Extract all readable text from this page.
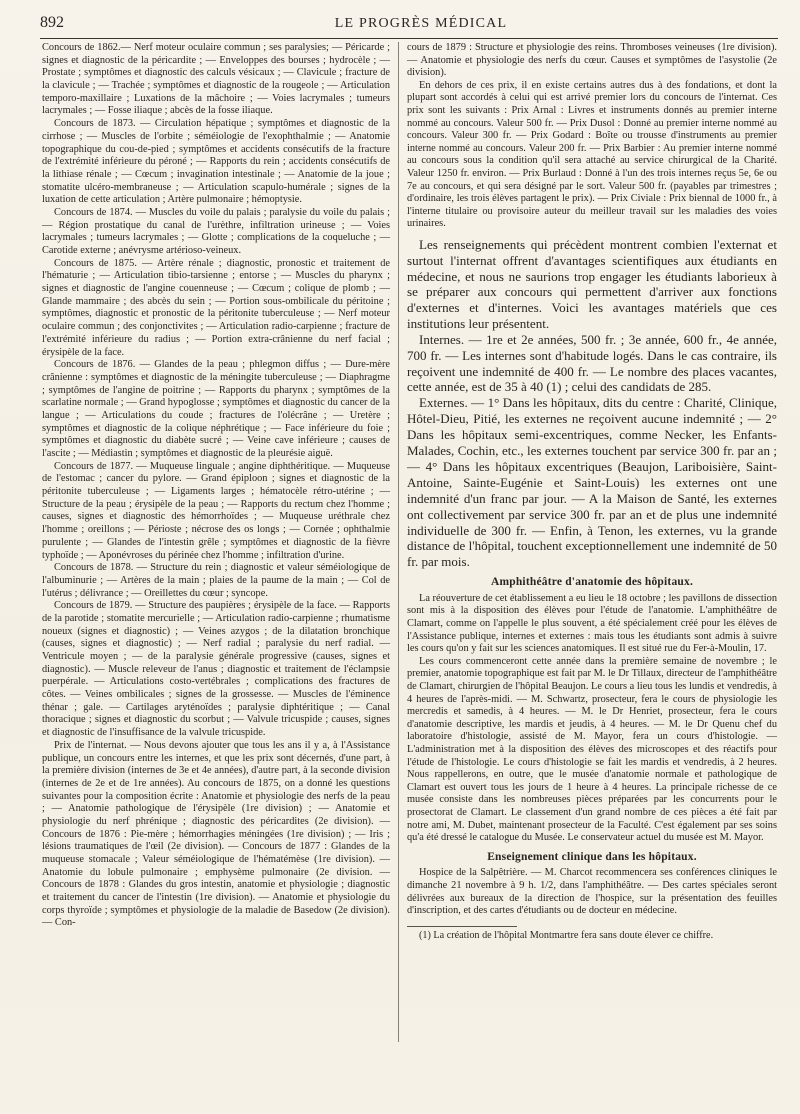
892	LE PROGRÈS MÉDICAL

Concours de 1862.— Nerf moteur oculaire commun ; ses paralysies; — Péricarde ; signes et diagnostic de la péricardite ; — Enveloppes des bourses ; hydrocèle ; — Prostate ; symptômes et diagnostic des calculs vésicaux ; — Clavicule ; fracture de la clavicule ; — Trachée ; symptômes et diagnostic de la rougeole ; — Articulation temporo-maxillaire ; Luxations de la mâchoire ; — Voies lacrymales ; tumeurs lacrymales ; — Fosse iliaque ; abcès de la fosse iliaque.

Concours de 1873. — Circulation hépatique ; symptômes et diagnostic de la cirrhose ; — Muscles de l'orbite ; séméiologie de l'exophthalmie ; — Anatomie topographique du cou-de-pied ; symptômes et accidents consécutifs de la fracture de l'extrémité inférieure du péroné ; — Rapports du rein ; accidents consécutifs de la lithiase rénale ; — Cœcum ; invagination intestinale ; — Anatomie de la joue ; stomatite ulcéro-membraneuse ; — Articulation scapulo-humérale ; signes de la luxation de cette articulation ; Artère pulmonaire ; hémoptysie.

Concours de 1874. — Muscles du voile du palais ; paralysie du voile du palais ; — Région prostatique du canal de l'urèthre, infiltration urineuse ; — Voies lacrymales ; tumeurs lacrymales ; — Glotte ; complications de la coqueluche ; — Carotide externe ; anévrysme artérioso-veineux.

Concours de 1875. — Artère rénale ; diagnostic, pronostic et traitement de l'hématurie ; — Articulation tibio-tarsienne ; entorse ; — Muscles du pharynx ; signes et diagnostic de l'angine couenneuse ; — Cœcum ; colique de plomb ; — Glande mammaire ; des abcès du sein ; — Portion sous-ombilicale du péritoine ; symptômes, diagnostic et pronostic de la péritonite tuberculeuse ; — Nerf moteur oculaire commun ; des conjonctivites ; — Articulation radio-carpienne ; fracture de l'extrémité inférieure du radius ; — Portion extra-crânienne du nerf facial ; érysipèle de la face.

Concours de 1876. — Glandes de la peau ; phlegmon diffus ; — Dure-mère crânienne : symptômes et diagnostic de la méningite tuberculeuse ; — Diaphragme ; symptômes de l'angine de poitrine ; — Rapports du pharynx ; symptômes de la scarlatine normale ; — Grand hypoglosse ; symptômes et diagnostic du cancer de la langue ; — Articulations du coude ; fractures de l'olécrâne ; — Uretère ; symptômes et diagnostic de la colique néphrétique ; — Face inférieure du foie ; symptômes et diagnostic du diabète sucré ; — Veine cave inférieure ; causes de l'ascite ; — Médiastin ; symptômes et diagnostic de la pleurésie aiguë.

Concours de 1877. — Muqueuse linguale ; angine diphthéritique. — Muqueuse de l'estomac ; cancer du pylore. — Grand épiploon ; signes et diagnostic de la péritonite tuberculeuse ; — Ligaments larges ; hématocèle rétro-utérine ; — Structure de la peau ; érysipèle de la peau ; — Rapports du rectum chez l'homme ; causes, signes et diagnostic des hémorrhoïdes ; — Muqueuse uréthrale chez l'homme ; oreillons ; — Périoste ; nécrose des os longs ; — Cornée ; ophthalmie purulente ; — Glandes de l'intestin grêle ; symptômes et diagnostic de la fièvre typhoïde ; — Aponévroses du périnée chez l'homme ; infiltration d'urine.

Concours de 1878. — Structure du rein ; diagnostic et valeur séméiologique de l'albuminurie ; — Artères de la main ; plaies de la paume de la main ; — Col de l'utérus ; délivrance ; — Oreillettes du cœur ; syncope.

Concours de 1879. — Structure des paupières ; érysipèle de la face. — Rapports de la parotide ; stomatite mercurielle ; — Articulation radio-carpienne ; rhumatisme noueux (signes et diagnostic) ; — Veines azygos ; de la dilatation bronchique (causes, signes et diagnostic) ; — Nerf radial ; paralysie du nerf radial. — Ventricule moyen ; — de la paralysie générale progressive (causes, signes et diagnostic). — Muscle releveur de l'anus ; diagnostic et traitement de l'éclampsie puerpérale. — Articulations costo-vertébrales ; complications des fractures de côtes. — Veines ombilicales ; signes de la grossesse. — Muscles de l'éminence thénar ; gale. — Cartilages aryténoïdes ; paralysie diphtéritique ; — Canal thoracique ; signes et diagnostic du scorbut ; — Valvule tricuspide ; causes, signes et diagnostic de l'insuffisance de la valvule tricuspide.

Prix de l'internat. — Nous devons ajouter que tous les ans il y a, à l'Assistance publique, un concours entre les internes, et que les prix sont décernés, d'une part, à la première division (internes de 3e et 4e années), d'autre part, à la seconde division (internes de 2e et de 1re années). Au concours de 1875, on a donné les questions suivantes pour la composition écrite : Anatomie et physiologie des nerfs de la peau ; — Anatomie pathologique de l'érysipèle (1re division) ; — Anatomie et physiologie du nerf phrénique ; diagnostic des péricardites (2e division). — Concours de 1876 : Pie-mère ; hémorrhagies méningées (1re division) ; — Iris ; lésions traumatiques de l'œil (2e division). — Concours de 1877 : Glandes de la muqueuse stomacale ; Valeur séméiologique de l'hématémèse (1re division). — Anatomie du lobule pulmonaire ; emphysème pulmonaire (2e division. — Concours de 1878 : Glandes du gros intestin, anatomie et physiologie ; diagnostic et traitement du cancer de l'intestin (1re division). — Anatomie et physiologie du corps thyroïde ; symptômes et physiologie de la maladie de Basedow (2e division). — Con-

cours de 1879 : Structure et physiologie des reins. Thromboses veineuses (1re division). — Anatomie et physiologie des nerfs du cœur. Causes et symptômes de l'asystolie (2e division).

En dehors de ces prix, il en existe certains autres dus à des fondations, et dont la plupart sont accordés à celui qui est arrivé premier lors du concours de l'internat. Ces prix sont les suivants : Prix Arnal : Livres et instruments donnés au premier interne nommé au concours. Valeur 500 fr. — Prix Dusol : Donné au premier interne nommé au concours. Valeur 300 fr. — Prix Godard : Boîte ou trousse d'instruments au premier interne nommé au concours. Valeur 200 fr. — Prix Barbier : Au premier interne nommé au concours sous la condition qu'il sera attaché au service chirurgical de la Charité. Valeur 1250 fr. environ. — Prix Burlaud : Donné à l'un des trois internes reçus 5e, 6e ou 7e au concours, et qui sera désigné par le sort. Valeur 500 fr. (payables par trimestres ; d'ordinaire, les trois élèves partagent le prix). — Prix Civiale : Prix biennal de 1000 fr., à l'interne titulaire ou provisoire auteur du meilleur travail sur les maladies des voies urinaires.

Les renseignements qui précèdent montrent combien l'externat et surtout l'internat offrent d'avantages scientifiques aux étudiants en médecine, et nous ne saurions trop engager les étudiants laborieux à se préparer aux concours qui permettent d'arriver aux fonctions d'externes et d'internes. Voici les avantages matériels que ces institutions leur présentent.

Internes. — 1re et 2e années, 500 fr. ; 3e année, 600 fr., 4e année, 700 fr. — Les internes sont d'habitude logés. Dans le cas contraire, ils reçoivent une indemnité de 400 fr. — Le nombre des places vacantes, cette année, est de 35 à 40 (1) ; celui des candidats de 285.

Externes. — 1° Dans les hôpitaux, dits du centre : Charité, Clinique, Hôtel-Dieu, Pitié, les externes ne reçoivent aucune indemnité ; — 2° Dans les hôpitaux semi-excentriques, comme Necker, les Enfants-Malades, Cochin, etc., les externes touchent par service 300 fr. par an ; — 4° Dans les hôpitaux excentriques (Beaujon, Lariboisière, Saint-Antoine, Sainte-Eugénie et Saint-Louis) les externes ont une indemnité d'un franc par jour. — A la Maison de Santé, les externes ont collectivement par service 300 fr. par an et de plus une indemnité individuelle de 300 fr. — Enfin, à Tenon, les externes, vu la grande distance de l'hôpital, touchent exceptionnellement une indemnité de 50 fr. par mois.

Amphithéâtre d'anatomie des hôpitaux.

La réouverture de cet établissement a eu lieu le 18 octobre ; les pavillons de dissection sont mis à la disposition des élèves pour l'étude de l'anatomie. L'amphithéâtre de Clamart, comme on l'appelle le plus souvent, a été spécialement créé pour les élèves de l'Assistance publique, internes et externes : mais tous les étudiants sont admis à suivre les cours qu'on y fait sur les sciences anatomiques. Il est situé rue du Fer-à-Moulin, 17.

Les cours commenceront cette année dans la première semaine de novembre ; le premier, anatomie topographique est fait par M. le Dr Tillaux, directeur de l'amphithéâtre de Clamart, chirurgien de l'hôpital Beaujon. Le cours a lieu tous les lundis et vendredis, à 4 heures de l'après-midi. — M. Schwartz, prosecteur, fera le cours de physiologie les mercredis et samedis, à 4 heures. — M. le Dr Henriet, prosecteur, fera le cours d'anatomie descriptive, les mardis et jeudis, à 4 heures. — M. le Dr Quenu chef du laboratoire d'histologie, assisté de M. Mayor, fera un cours d'histologie. — L'administration met à la disposition des élèves des microscopes et des réactifs pour l'étude de l'histologie. Le cours d'histologie se fait les mardis et vendredis, à 2 heures. Nous rappellerons, en outre, que le musée d'anatomie normale et pathologique de Clamart est ouvert tous les jours de 1 heure à 4 heures. La principale richesse de ce musée consiste dans les nombreuses pièces préparées par les concurrents pour le prosectorat de Clamart. Le classement d'un grand nombre de ces pièces a été fait par notre ami, M. Dubet, maintenant prosecteur de la Faculté. C'est également par ses soins qu'a été dressé le catalogue du Musée. Le conservateur actuel du musée est M. Mayor.

Enseignement clinique dans les hôpitaux.

Hospice de la Salpêtrière. — M. Charcot recommencera ses conférences cliniques le dimanche 21 novembre à 9 h. 1/2, dans l'amphithéâtre. — Des cartes spéciales seront délivrées aux bureaux de la direction de l'hospice, sur la présentation des feuilles d'inscription, et des cartes d'étudiants ou de docteur en médecine.

(1) La création de l'hôpital Montmartre fera sans doute élever ce chiffre.
